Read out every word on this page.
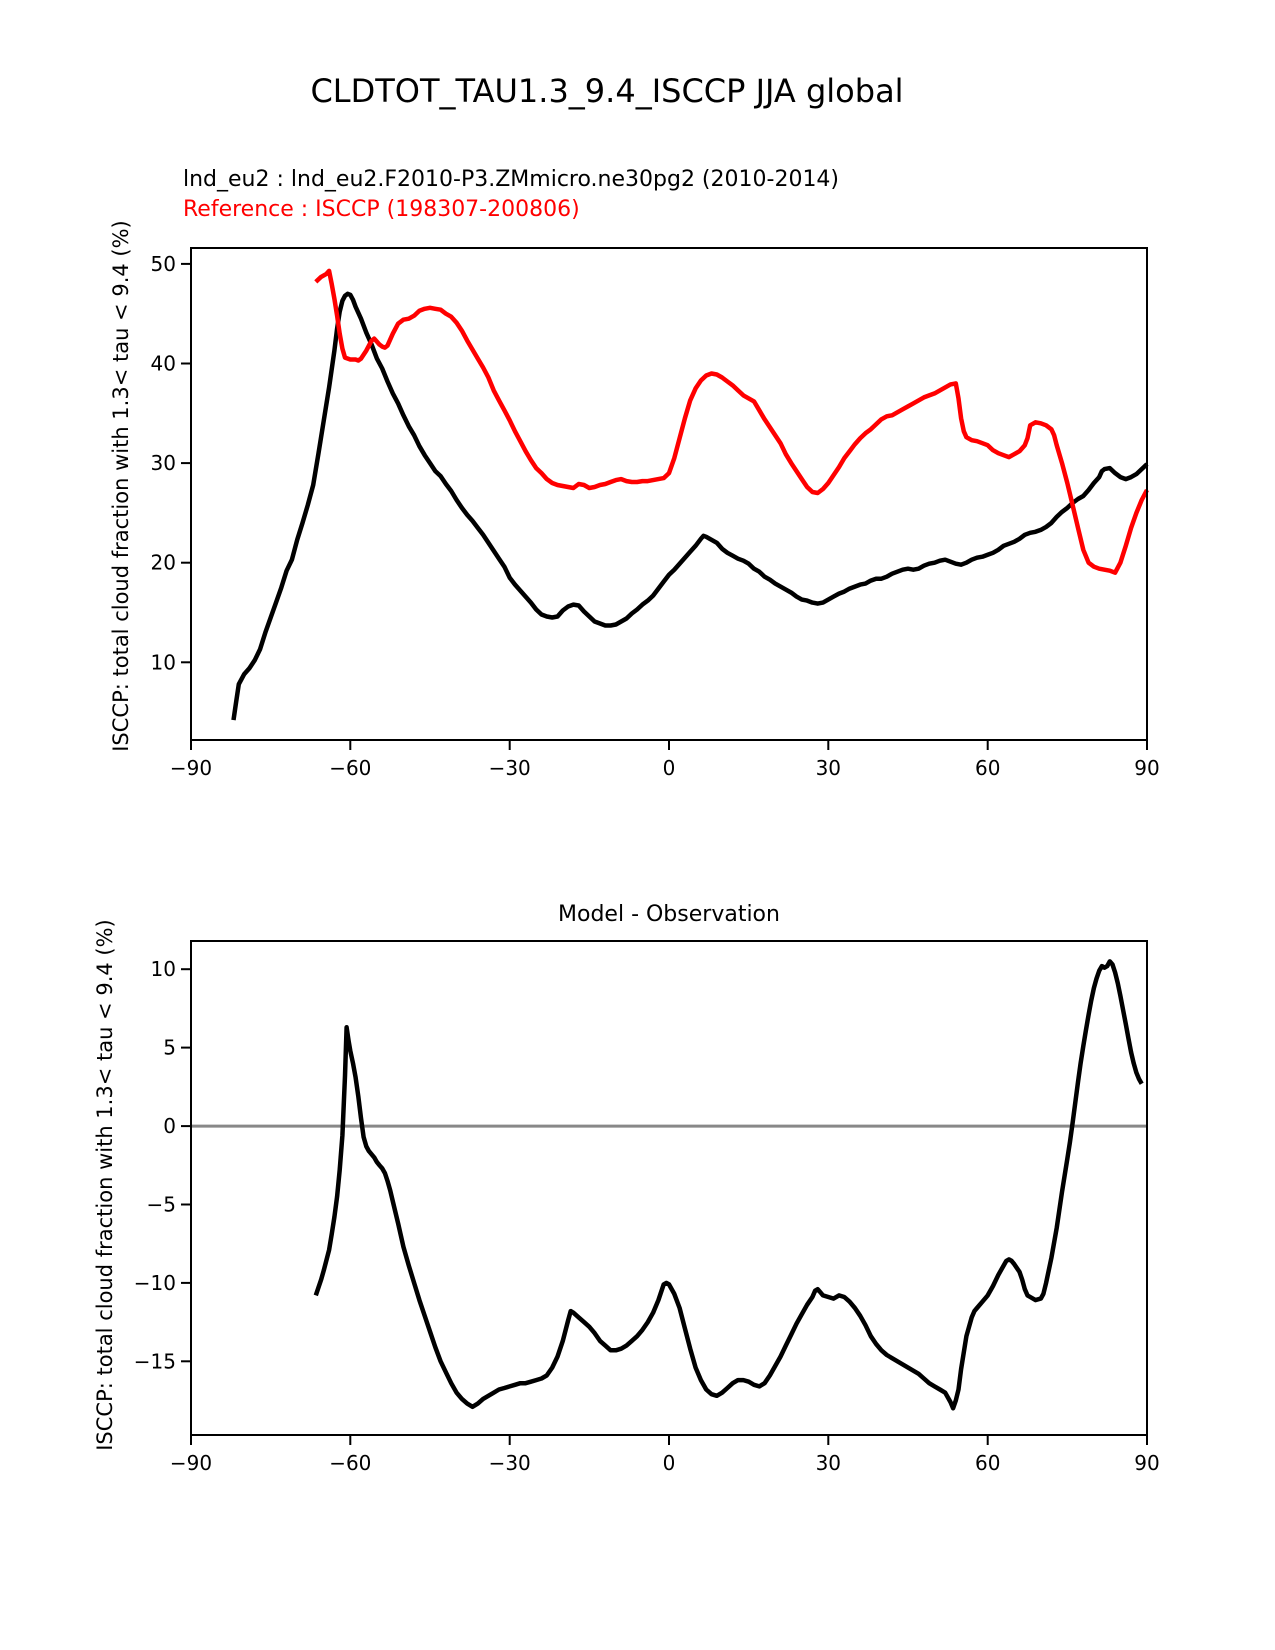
CLDTOT_TAU1.3_9.4_ISCCP JJA global
lnd_eu2 : lnd_eu2.F2010-P3.ZMmicro.ne30pg2 (2010-2014)
Reference : ISCCP (198307-200806)
ISCCP: total cloud fraction with 1.3< tau < 9.4 (%)
Model - Observation
ISCCP: total cloud fraction with 1.3< tau < 9.4 (%)
−90	−60	−30	0	30	60	90
10
20
30
40
50
−90	−60	−30	0	30	60	90
−15
−10
−5
0
5
10
